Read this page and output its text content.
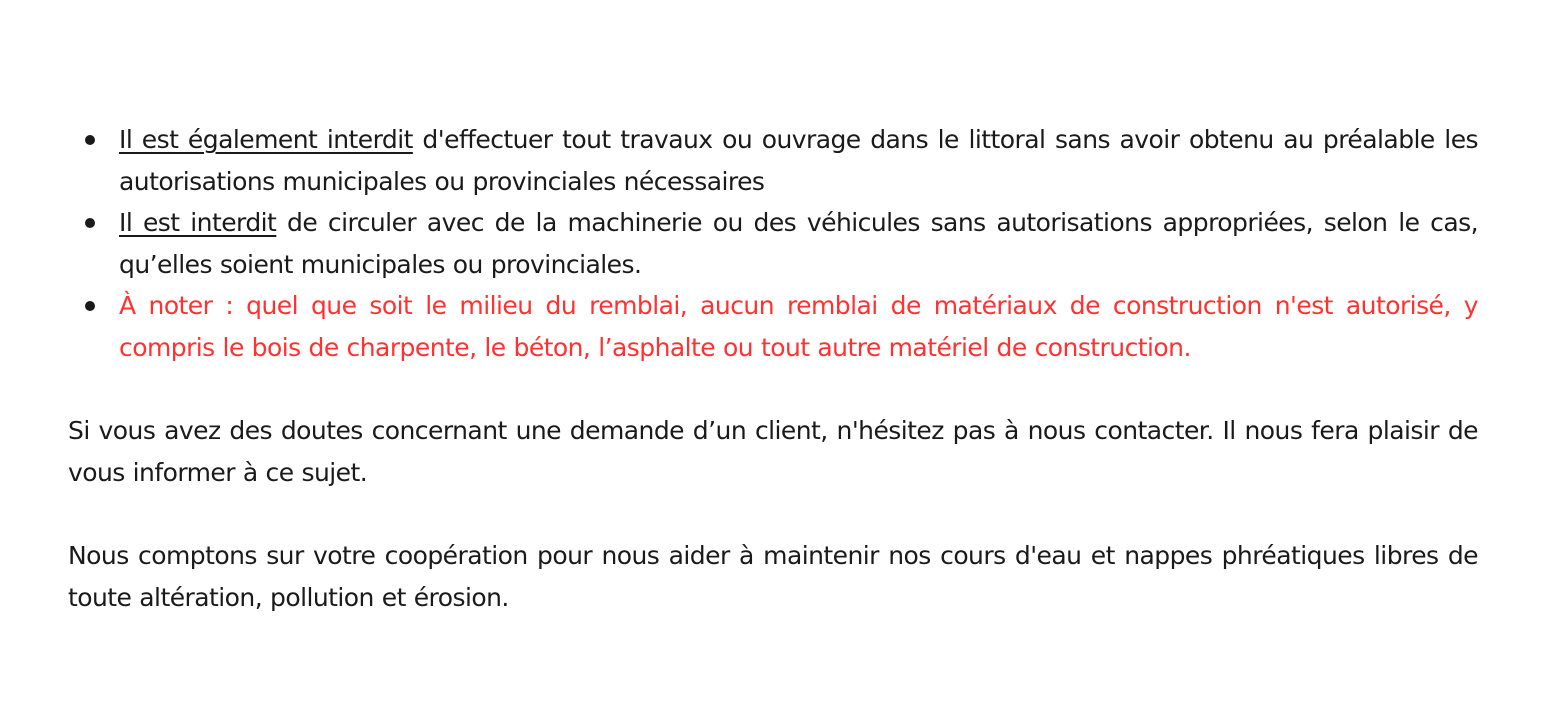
Il est également interdit d'effectuer tout travaux ou ouvrage dans le littoral sans avoir obtenu au préalable les autorisations municipales ou provinciales nécessaires
Il est interdit de circuler avec de la machinerie ou des véhicules sans autorisations appropriées, selon le cas, qu’elles soient municipales ou provinciales.
À noter : quel que soit le milieu du remblai, aucun remblai de matériaux de construction n'est autorisé, y compris le bois de charpente, le béton, l’asphalte ou tout autre matériel de construction.

Si vous avez des doutes concernant une demande d’un client, n'hésitez pas à nous contacter. Il nous fera plaisir de vous informer à ce sujet.

Nous comptons sur votre coopération pour nous aider à maintenir nos cours d'eau et nappes phréatiques libres de toute altération, pollution et érosion.
